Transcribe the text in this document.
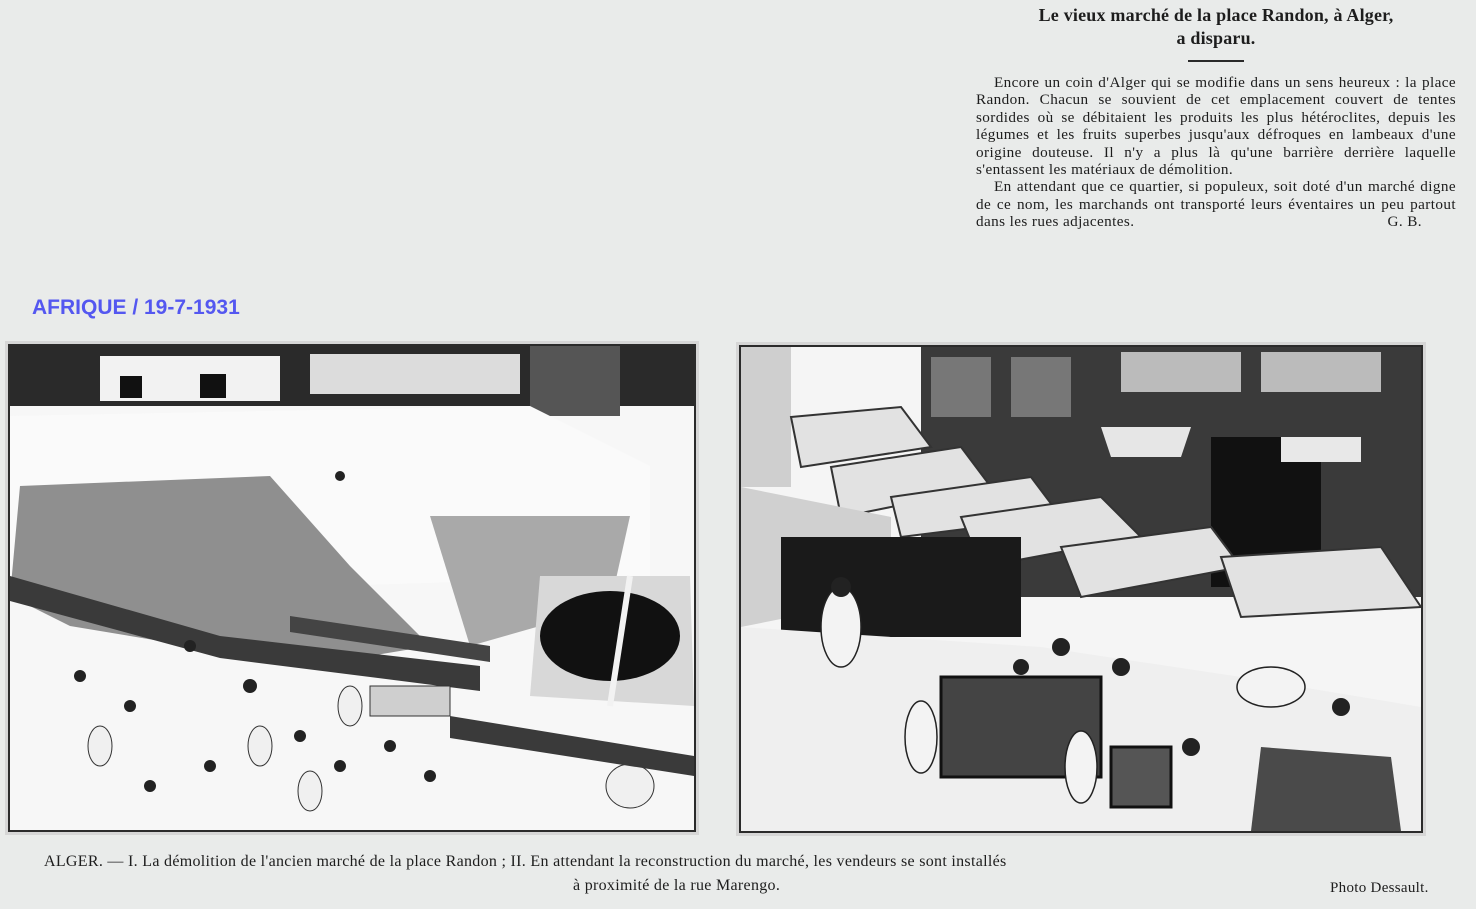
Le vieux marché de la place Randon, à Alger,
a disparu.

Encore un coin d'Alger qui se modifie dans un sens heureux : la place Randon. Chacun se souvient de cet emplacement couvert de tentes sordides où se débitaient les produits les plus hétéroclites, depuis les légumes et les fruits superbes jusqu'aux défroques en lambeaux d'une origine douteuse. Il n'y a plus là qu'une barrière derrière laquelle s'entassent les matériaux de démolition.

En attendant que ce quartier, si populeux, soit doté d'un marché digne de ce nom, les marchands ont transporté leurs éventaires un peu partout dans les rues adjacentes.	G. B.

AFRIQUE / 19-7-1931

ALGER. — I. La démolition de l'ancien marché de la place Randon ; II. En attendant la reconstruction du marché, les vendeurs se sont installés

à proximité de la rue Marengo.	Photo Dessault.
